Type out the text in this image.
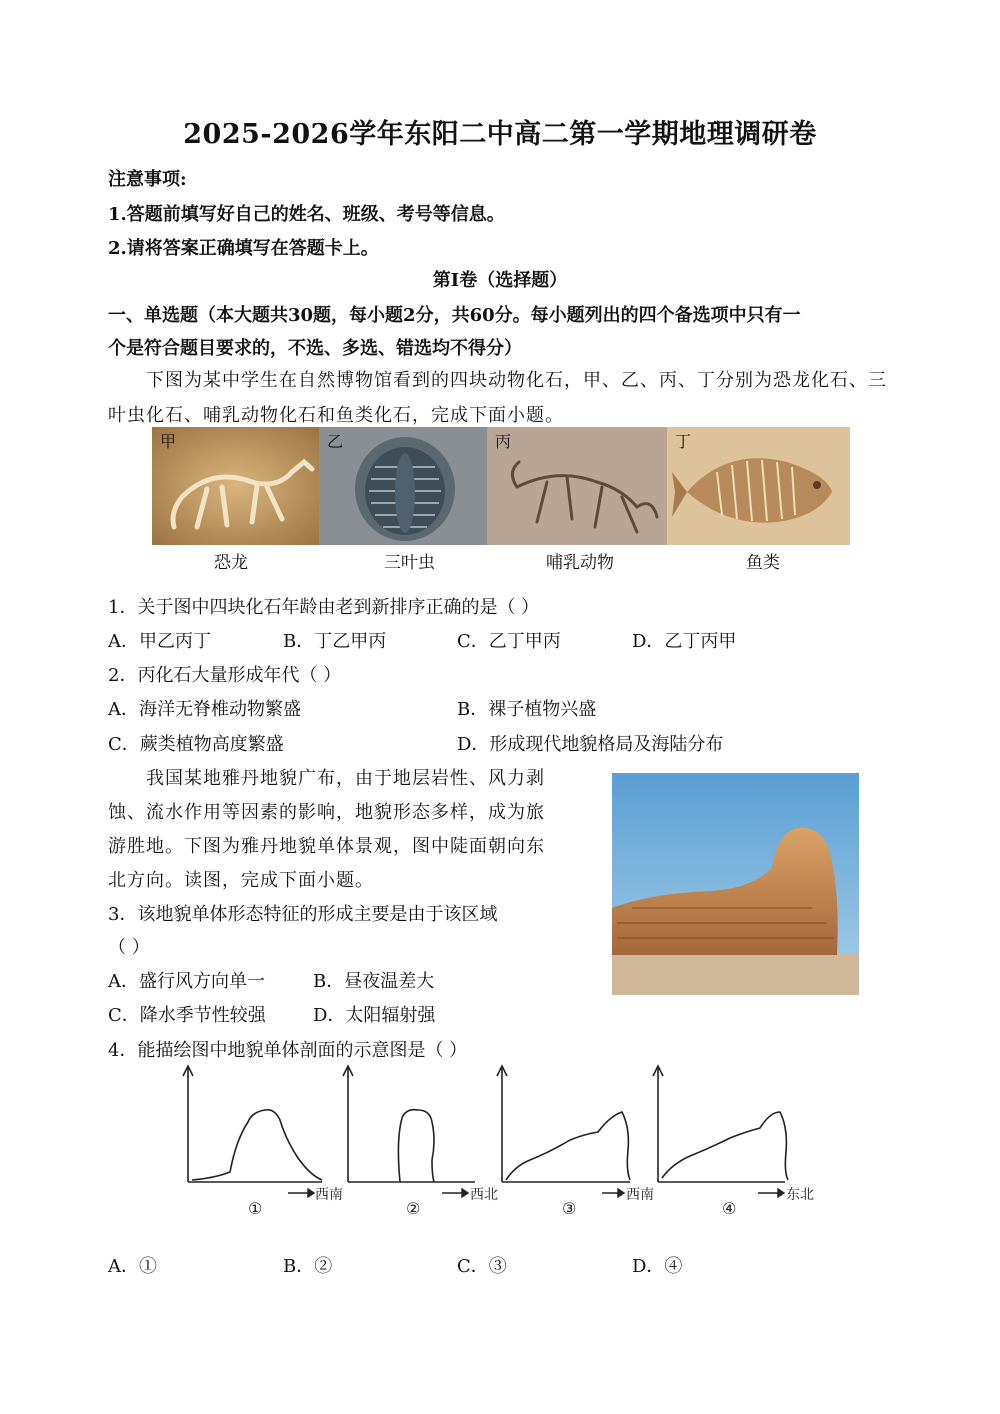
2025-2026学年东阳二中高二第一学期地理调研卷
注意事项:
1.答题前填写好自己的姓名、班级、考号等信息。
2.请将答案正确填写在答题卡上。
第I卷（选择题）
一、单选题（本大题共30题，每小题2分，共60分。每小题列出的四个备选项中只有一
个是符合题目要求的，不选、多选、错选均不得分）
下图为某中学生在自然博物馆看到的四块动物化石，甲、乙、丙、丁分别为恐龙化石、三叶虫化石、哺乳动物化石和鱼类化石，完成下面小题。
甲	乙	丙	丁
恐龙	三叶虫	哺乳动物	鱼类
1．关于图中四块化石年龄由老到新排序正确的是（ ）
A．甲乙丙丁	B．丁乙甲丙	C．乙丁甲丙	D．乙丁丙甲
2．丙化石大量形成年代（ ）
A．海洋无脊椎动物繁盛	B．裸子植物兴盛
C．蕨类植物高度繁盛	D．形成现代地貌格局及海陆分布
我国某地雅丹地貌广布，由于地层岩性、风力剥
蚀、流水作用等因素的影响，地貌形态多样，成为旅
游胜地。下图为雅丹地貌单体景观，图中陡面朝向东
北方向。读图，完成下面小题。
3．该地貌单体形态特征的形成主要是由于该区域
（ ）
A．盛行风方向单一	B．昼夜温差大
C．降水季节性较强	D．太阳辐射强
4．能描绘图中地貌单体剖面的示意图是（ ）
西南	西北	西南	东北
①	②	③	④
A．①	B．②	C．③	D．④
